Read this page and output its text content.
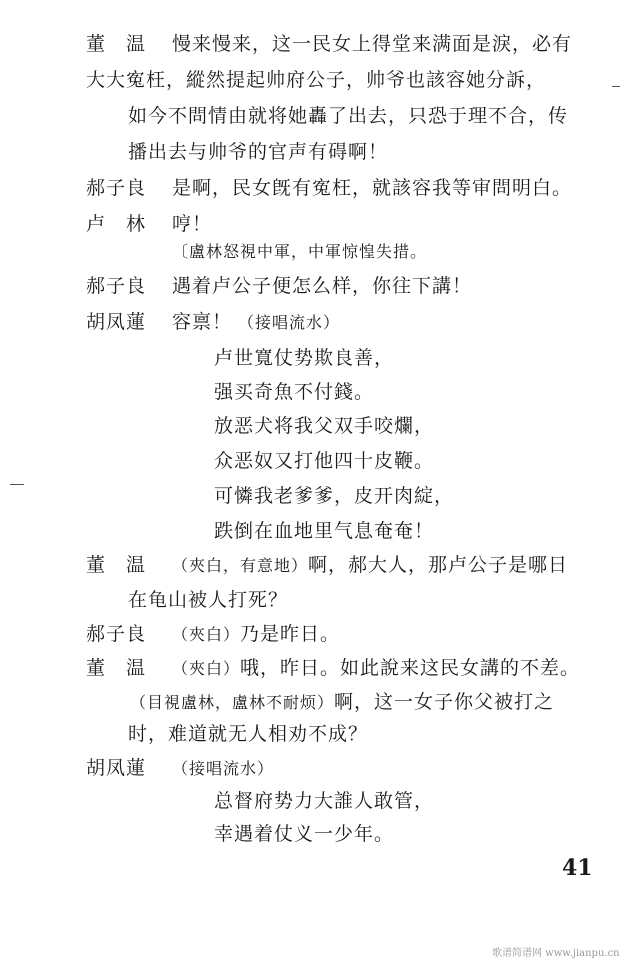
董　温 慢来慢来，这一民女上得堂来满面是淚，必有
大大寃枉，縱然提起帅府公子，帅爷也該容她分訴，
如今不問情由就将她轟了出去，只恐于理不合，传
播出去与帅爷的官声有碍啊！
郝子良 是啊，民女旣有寃枉，就該容我等审問明白。
卢　林 哼！
〔盧林怒視中軍，中軍惊惶失措。
郝子良 遇着卢公子便怎么样，你往下講！
胡凤蓮 容禀！ （接唱流水）
卢世寬仗势欺良善，
强买奇魚不付錢。
放恶犬将我父双手咬爛，
众恶奴又打他四十皮鞭。
可憐我老爹爹，皮开肉綻，
跌倒在血地里气息奄奄！
董　温 （夾白，有意地）啊，郝大人，那卢公子是哪日
在龟山被人打死？
郝子良 （夾白）乃是昨日。
董　温 （夾白）哦，昨日。如此說来这民女講的不差。
（目視盧林，盧林不耐烦）啊，这一女子你父被打之
时，难道就无人相劝不成？
胡凤蓮 （接唱流水）
总督府势力大誰人敢管，
幸遇着仗义一少年。
41
歌谱简谱网 www.jianpu.cn
